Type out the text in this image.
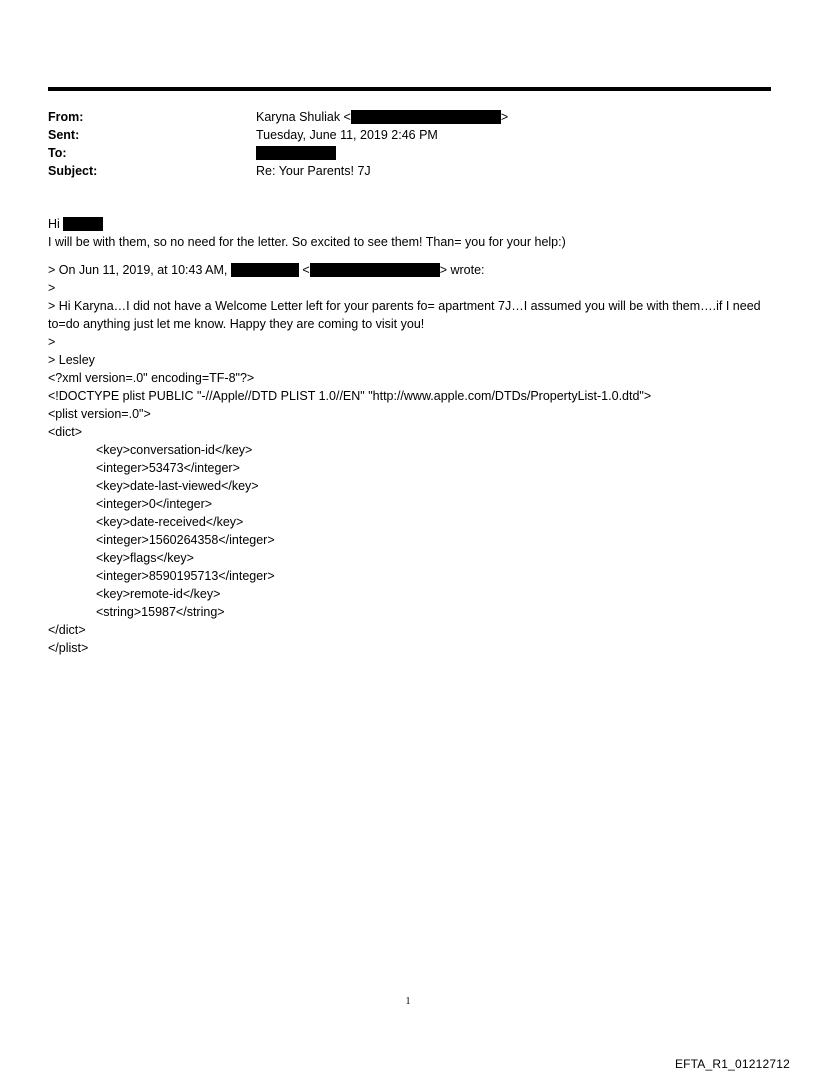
From:	Karyna Shuliak <	>
Sent:	Tuesday, June 11, 2019 2:46 PM
To:
Subject:	Re: Your Parents! 7J
Hi
I will be with them, so no need for the letter. So excited to see them! Than= you for your help:)
> On Jun 11, 2019, at 10:43 AM,	<	> wrote:
>
> Hi Karyna…I did not have a Welcome Letter left for your parents fo= apartment 7J…I assumed you will be with them….if I need to=do anything just let me know. Happy they are coming to visit you!
>
> Lesley
<?xml version=.0" encoding=TF-8"?>
<!DOCTYPE plist PUBLIC "-//Apple//DTD PLIST 1.0//EN" "http://www.apple.com/DTDs/PropertyList-1.0.dtd">
<plist version=.0">
<dict>
<key>conversation-id</key>
<integer>53473</integer>
<key>date-last-viewed</key>
<integer>0</integer>
<key>date-received</key>
<integer>1560264358</integer>
<key>flags</key>
<integer>8590195713</integer>
<key>remote-id</key>
<string>15987</string>
</dict>
</plist>
1
EFTA_R1_01212712
